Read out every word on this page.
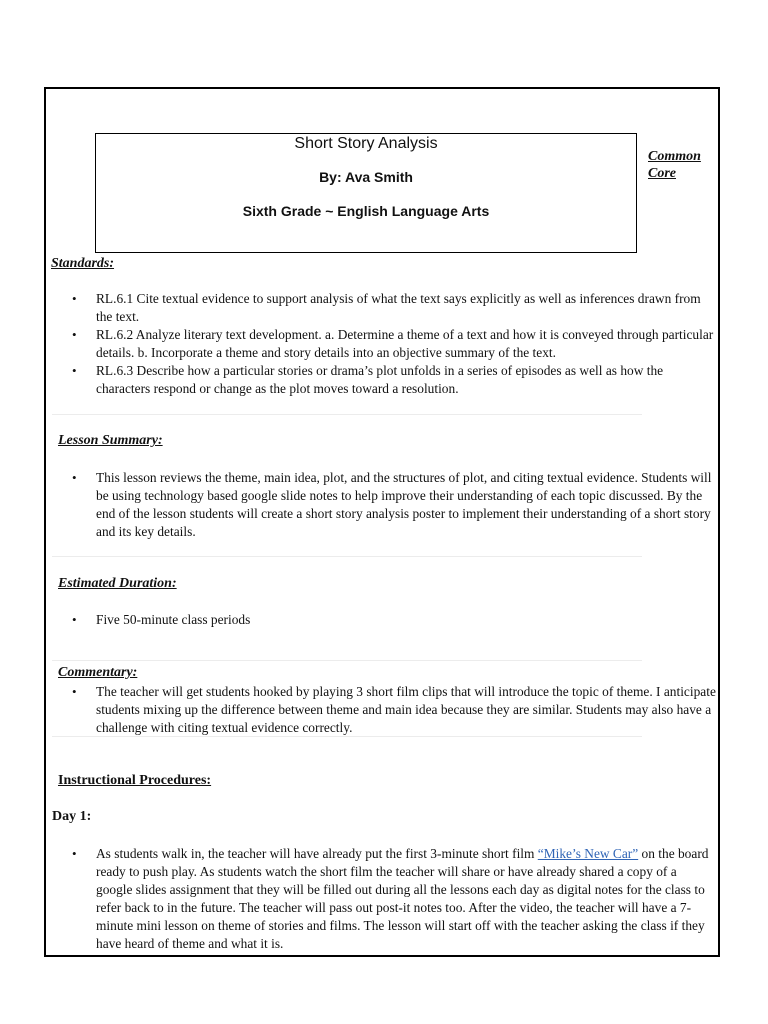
Short Story Analysis
By: Ava Smith
Sixth Grade ~ English Language Arts
Common
Core
Standards:
• RL.6.1 Cite textual evidence to support analysis of what the text says explicitly as well as inferences drawn from the text.
• RL.6.2 Analyze literary text development. a. Determine a theme of a text and how it is conveyed through particular details. b. Incorporate a theme and story details into an objective summary of the text.
• RL.6.3 Describe how a particular stories or drama’s plot unfolds in a series of episodes as well as how the characters respond or change as the plot moves toward a resolution.
Lesson Summary:
• This lesson reviews the theme, main idea, plot, and the structures of plot, and citing textual evidence. Students will be using technology based google slide notes to help improve their understanding of each topic discussed. By the end of the lesson students will create a short story analysis poster to implement their understanding of a short story and its key details.
Estimated Duration:
• Five 50-minute class periods
Commentary:
• The teacher will get students hooked by playing 3 short film clips that will introduce the topic of theme. I anticipate students mixing up the difference between theme and main idea because they are similar. Students may also have a challenge with citing textual evidence correctly.
Instructional Procedures:
Day 1:
• As students walk in, the teacher will have already put the first 3-minute short film “Mike’s New Car” on the board ready to push play. As students watch the short film the teacher will share or have already shared a copy of a google slides assignment that they will be filled out during all the lessons each day as digital notes for the class to refer back to in the future. The teacher will pass out post-it notes too. After the video, the teacher will have a 7-minute mini lesson on theme of stories and films. The lesson will start off with the teacher asking the class if they have heard of theme and what it is.
